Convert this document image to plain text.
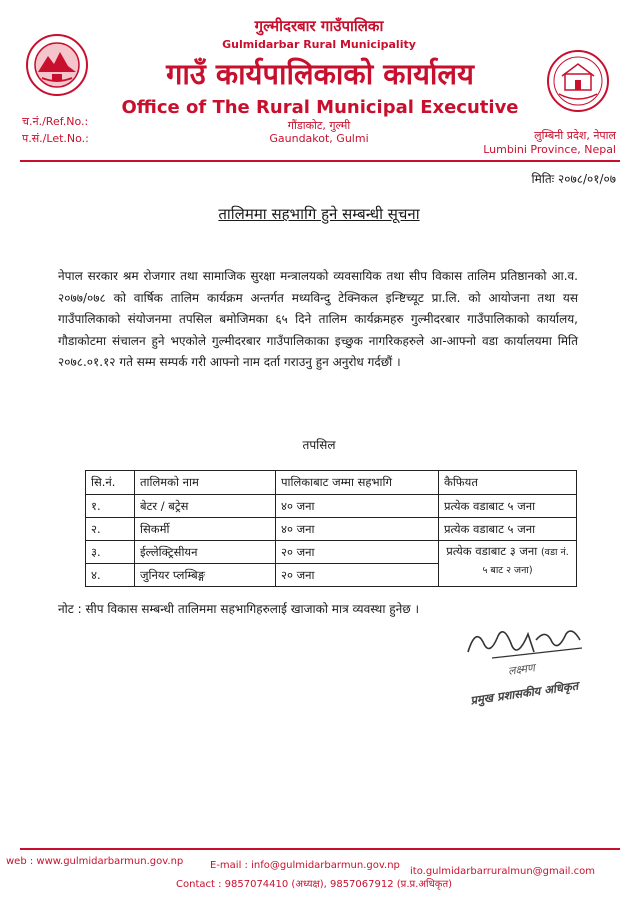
गुल्मीदरबार गाउँपालिका
Gulmidarbar Rural Municipality
गाउँ कार्यपालिकाको कार्यालय
Office of The Rural Municipal Executive
गौंडाकोट, गुल्मी
Gaundakot, Gulmi
च.नं./Ref.No.:
प.सं./Let.No.:	लुम्बिनी प्रदेश, नेपाल
Lumbini Province, Nepal
मितिः २०७८/०१/०७
तालिममा सहभागि हुने सम्बन्धी सूचना
नेपाल सरकार श्रम रोजगार तथा सामाजिक सुरक्षा मन्त्रालयको व्यवसायिक तथा सीप विकास तालिम प्रतिष्ठानको आ.व. २०७७/०७८ को वार्षिक तालिम कार्यक्रम अन्तर्गत मध्यविन्दु टेक्निकल इन्ष्टिच्यूट प्रा.लि. को आयोजना तथा यस गाउँपालिकाको संयोजनमा तपसिल बमोजिमका ६५ दिने तालिम कार्यक्रमहरु गुल्मीदरबार गाउँपालिकाको कार्यालय, गौडाकोटमा संचालन हुने भएकोले गुल्मीदरबार गाउँपालिकाका इच्छुक नागरिकहरुले आ-आफ्नो वडा कार्यालयमा मिति २०७८.०१.१२ गते सम्म सम्पर्क गरी आफ्नो नाम दर्ता गराउनु हुन अनुरोध गर्दछौं ।
तपसिल
सि.नं.	तालिमको नाम	पालिकाबाट जम्मा सहभागि	कैफियत
१.	बेटर / बट्रेस	४० जना	प्रत्येक वडाबाट ५ जना
२.	सिकर्मी	४० जना	प्रत्येक वडाबाट ५ जना
३.	ईल्लेक्ट्रिसीयन	२० जना	प्रत्येक वडाबाट ३ जना (वडा नं. ५ बाट २ जना)
४.	जुनियर प्लम्बिङ्ग	२० जना	
नोट : सीप विकास सम्बन्धी तालिममा सहभागिहरुलाई खाजाको मात्र व्यवस्था हुनेछ ।
लक्ष्मण
प्रमुख प्रशासकीय अधिकृत
web : www.gulmidarbarmun.gov.np	E-mail : info@gulmidarbarmun.gov.np
ito.gulmidarbarruralmun@gmail.com
Contact : 9857074410 (अध्यक्ष), 9857067912 (प्र.प्र.अधिकृत)
